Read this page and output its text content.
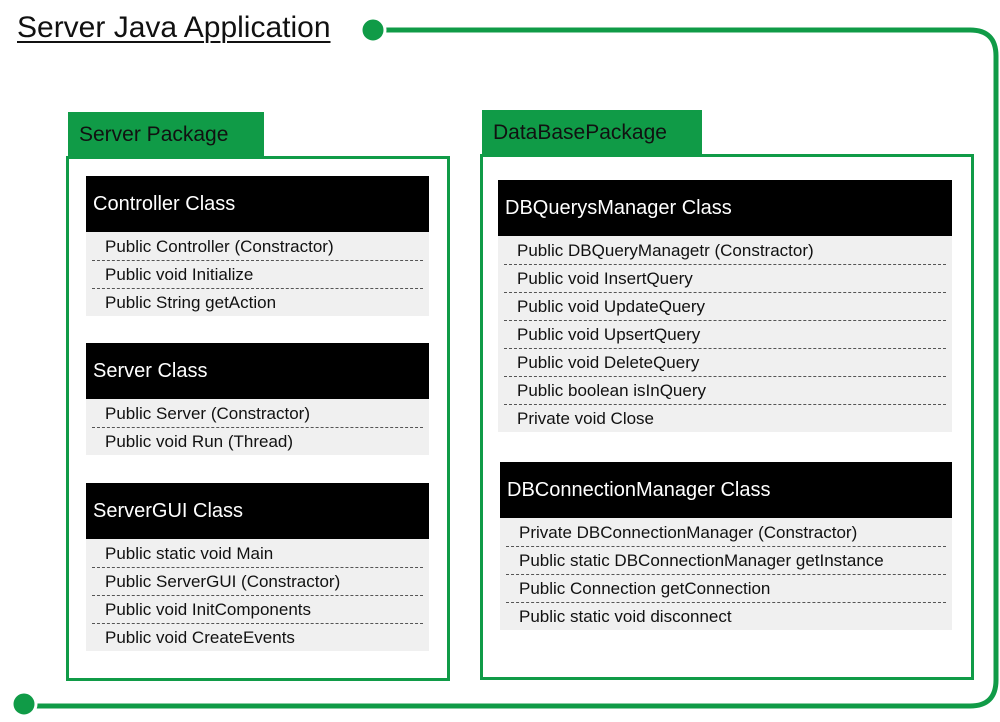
Server Java Application
Server Package
Controller Class
Public Controller (Constractor)
Public void Initialize
Public String getAction
Server Class
Public Server (Constractor)
Public void Run (Thread)
ServerGUI Class
Public static void Main
Public ServerGUI (Constractor)
Public void InitComponents
Public void CreateEvents
DataBasePackage
DBQuerysManager Class
Public DBQueryManagetr (Constractor)
Public void InsertQuery
Public void UpdateQuery
Public void UpsertQuery
Public void DeleteQuery
Public boolean isInQuery
Private void Close
DBConnectionManager Class
Private DBConnectionManager (Constractor)
Public static DBConnectionManager getInstance
Public Connection getConnection
Public static void disconnect
